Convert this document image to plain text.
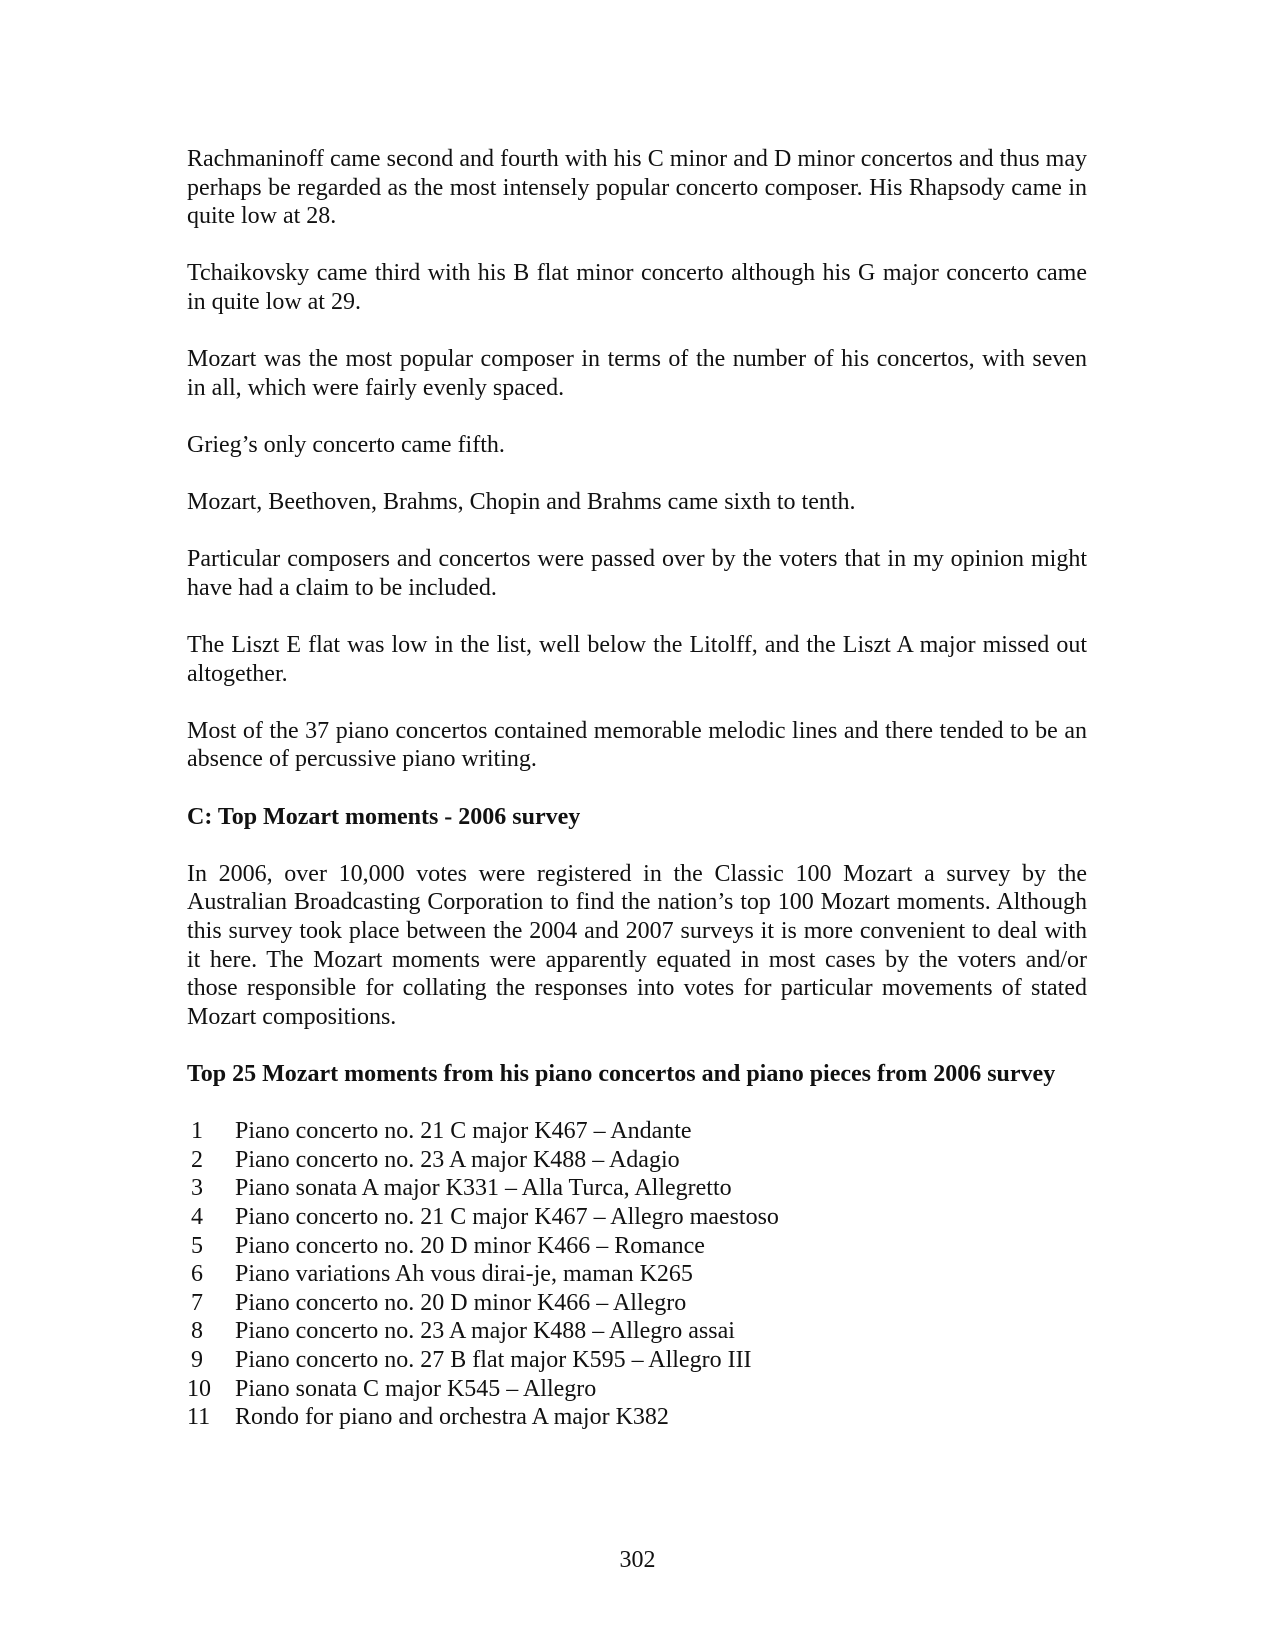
Rachmaninoff came second and fourth with his C minor and D minor concertos and thus may perhaps be regarded as the most intensely popular concerto composer. His Rhapsody came in quite low at 28.

Tchaikovsky came third with his B flat minor concerto although his G major concerto came in quite low at 29.

Mozart was the most popular composer in terms of the number of his concertos, with seven in all, which were fairly evenly spaced.

Grieg’s only concerto came fifth.

Mozart, Beethoven, Brahms, Chopin and Brahms came sixth to tenth.

Particular composers and concertos were passed over by the voters that in my opinion might have had a claim to be included.

The Liszt E flat was low in the list, well below the Litolff, and the Liszt A major missed out altogether.

Most of the 37 piano concertos contained memorable melodic lines and there tended to be an absence of percussive piano writing.

C: Top Mozart moments - 2006 survey

In 2006, over 10,000 votes were registered in the Classic 100 Mozart a survey by the Australian Broadcasting Corporation to find the nation’s top 100 Mozart moments. Although this survey took place between the 2004 and 2007 surveys it is more convenient to deal with it here. The Mozart moments were apparently equated in most cases by the voters and/or those responsible for collating the responses into votes for particular movements of stated Mozart compositions.

Top 25 Mozart moments from his piano concertos and piano pieces from 2006 survey

1	Piano concerto no. 21 C major K467 – Andante
2	Piano concerto no. 23 A major K488 – Adagio
3	Piano sonata A major K331 – Alla Turca, Allegretto
4	Piano concerto no. 21 C major K467 – Allegro maestoso
5	Piano concerto no. 20 D minor K466 – Romance
6	Piano variations Ah vous dirai-je, maman K265
7	Piano concerto no. 20 D minor K466 – Allegro
8	Piano concerto no. 23 A major K488 – Allegro assai
9	Piano concerto no. 27 B flat major K595 – Allegro III
10	Piano sonata C major K545 – Allegro
11	Rondo for piano and orchestra A major K382
302
